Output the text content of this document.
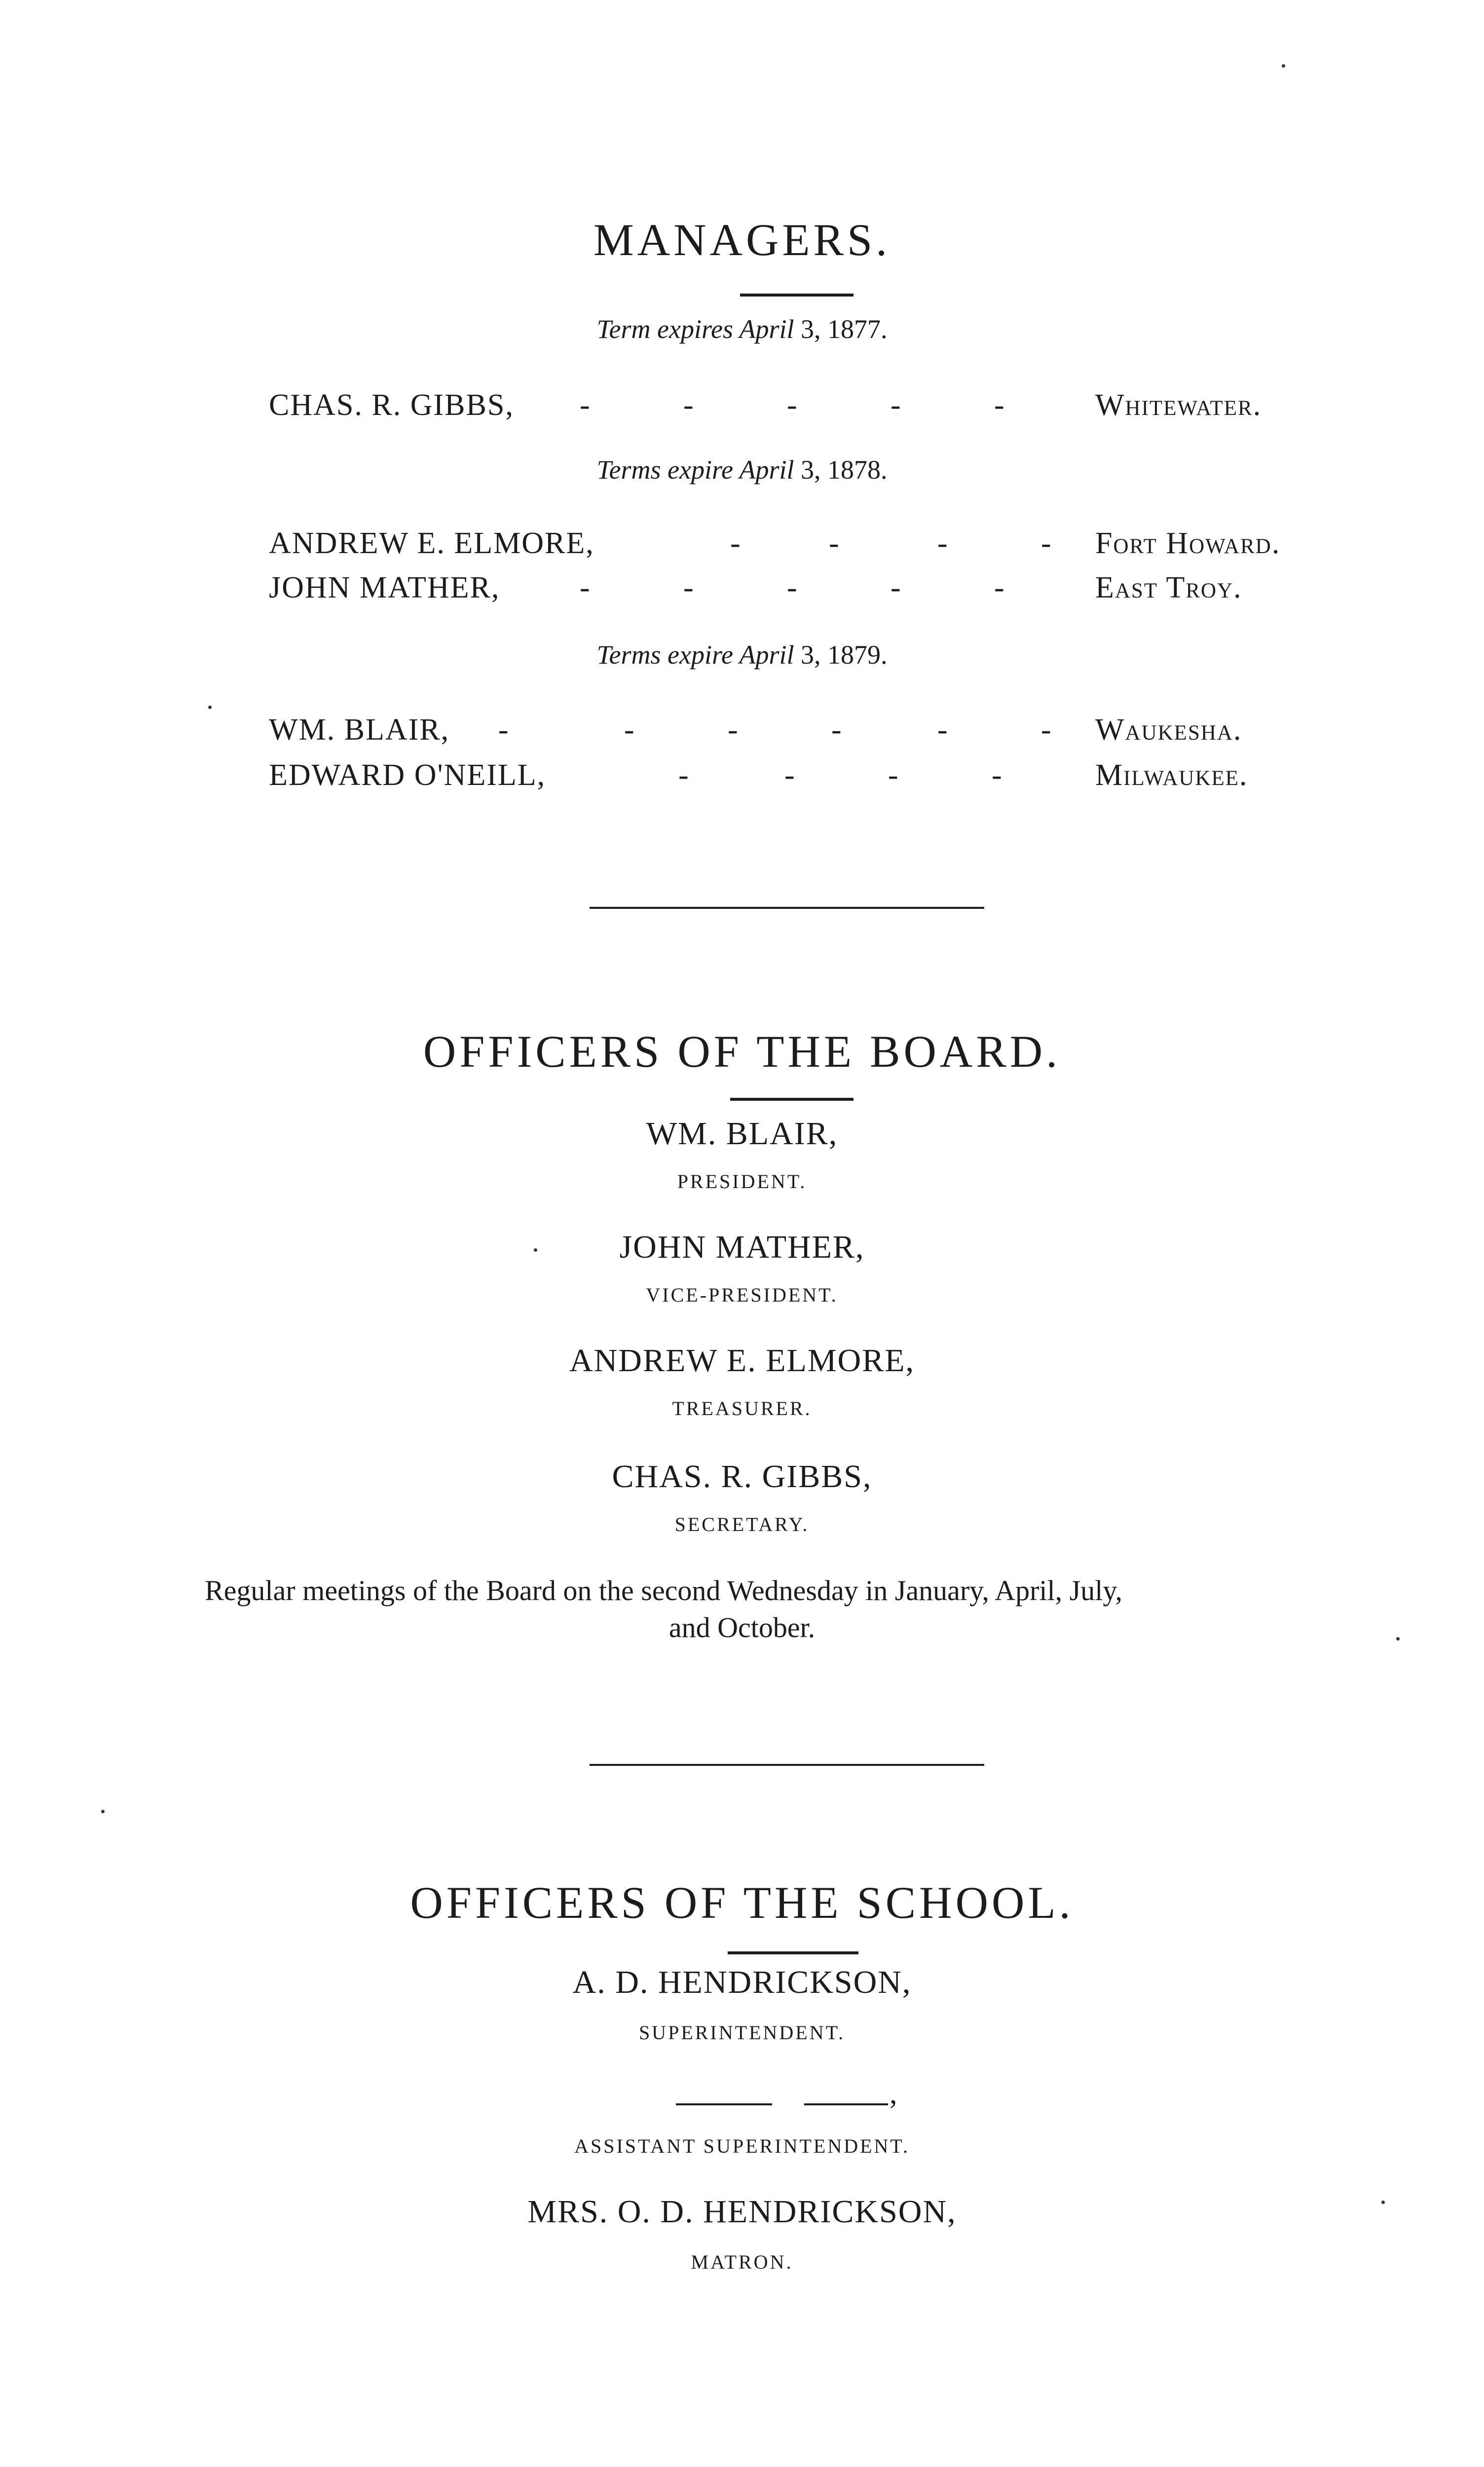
MANAGERS.
Term expires April 3, 1877.
CHAS. R. GIBBS, -	-	-	-	-	Whitewater.
Terms expire April 3, 1878.
ANDREW E. ELMORE,	-	-	-	- Fort Howard.
JOHN MATHER,	-	-	-	-	-	East Troy.
Terms expire April 3, 1879.
WM. BLAIR, -	-	-	-	-	- Waukesha.
EDWARD O'NEILL,	-	-	-	-	Milwaukee.
OFFICERS OF THE BOARD.
WM. BLAIR,
PRESIDENT.
JOHN MATHER,
VICE-PRESIDENT.
ANDREW E. ELMORE,
TREASURER.
CHAS. R. GIBBS,
SECRETARY.
Regular meetings of the Board on the second Wednesday in January, April, July,
and October.
OFFICERS OF THE SCHOOL.
A. D. HENDRICKSON,
SUPERINTENDENT.
,
ASSISTANT SUPERINTENDENT.
MRS. O. D. HENDRICKSON,
MATRON.
